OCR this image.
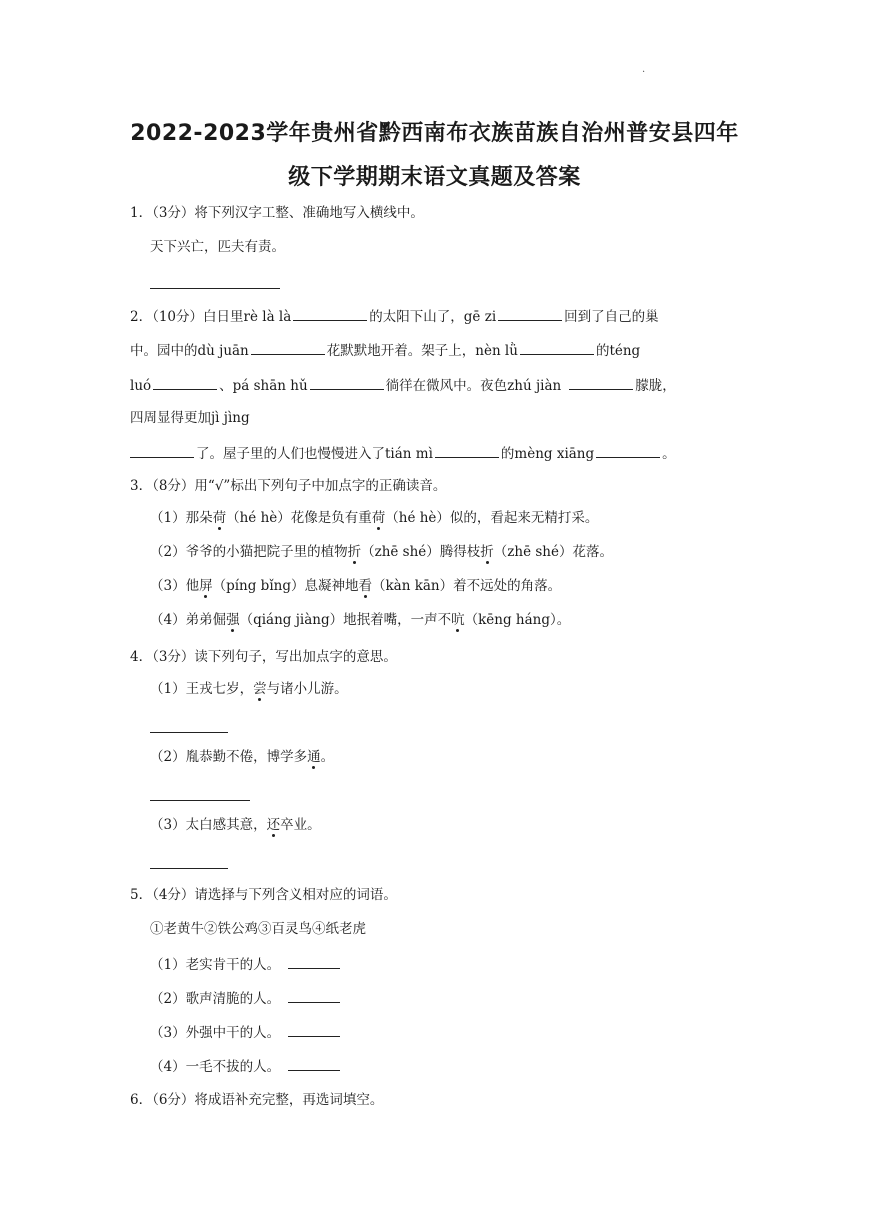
.
2022-2023学年贵州省黔西南布衣族苗族自治州普安县四年
级下学期期末语文真题及答案
1．（3分）将下列汉字工整、准确地写入横线中。
天下兴亡，匹夫有责。
2．（10分）白日里rè là là	的太阳下山了，gē zi	回到了自己的巢
中。园中的dù juān	花默默地开着。架子上，nèn lǜ	的téng
luó	、pá shān hǔ	徜徉在微风中。夜色zhú jiàn	朦胧，
四周显得更加jì jìng
了。屋子里的人们也慢慢进入了tián mì	的mèng xiāng	。
3．（8分）用“√”标出下列句子中加点字的正确读音。
（1）那朵荷（hé hè）花像是负有重荷（hé hè）似的，看起来无精打采。
（2）爷爷的小猫把院子里的植物折（zhē shé）腾得枝折（zhē shé）花落。
（3）他屏（píng bǐng）息凝神地看（kàn kān）着不远处的角落。
（4）弟弟倔强（qiáng jiàng）地抿着嘴，一声不吭（kēng háng）。
4．（3分）读下列句子，写出加点字的意思。
（1）王戎七岁，尝与诸小儿游。
（2）胤恭勤不倦，博学多通。
（3）太白感其意，还卒业。
5．（4分）请选择与下列含义相对应的词语。
①老黄牛②铁公鸡③百灵鸟④纸老虎
（1）老实肯干的人。
（2）歌声清脆的人。
（3）外强中干的人。
（4）一毛不拔的人。
6．（6分）将成语补充完整，再选词填空。
